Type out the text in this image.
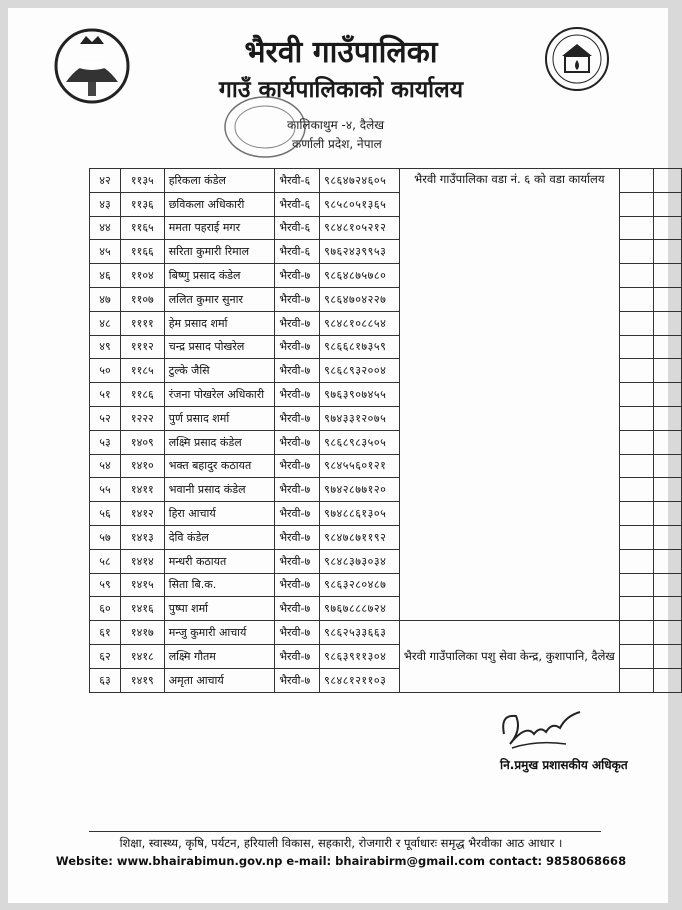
भैरवी गाउँपालिका
गाउँ कार्यपालिकाको कार्यालय
कालिकाथुम -४, दैलेख
कर्णाली प्रदेश, नेपाल
४२	११३५	हरिकला कंडेल	भैरवी-६	९८६४७२४६०५	भैरवी गाउँपालिका वडा नं. ६ को वडा कार्यालय		
४३	११३६	छविकला अधिकारी	भैरवी-६	९८५८०५१३६५			
४४	११६५	ममता पहराई मगर	भैरवी-६	९८४८१०५२१२			
४५	११६६	सरिता कुमारी रिमाल	भैरवी-६	९७६२४३९९५३			
४६	११०४	बिष्णु प्रसाद कंडेल	भैरवी-७	९८६४८७५७८०			
४७	११०७	ललित कुमार सुनार	भैरवी-७	९८६४७०४२२७			
४८	११११	हेम प्रसाद शर्मा	भैरवी-७	९८४८१०८८५४			
४९	१११२	चन्द्र प्रसाद पोखरेल	भैरवी-७	९८६६८१७३५९			
५०	११८५	टुल्के जैसि	भैरवी-७	९८६८९३२००४			
५१	११८६	रंजना पोखरेल अधिकारी	भैरवी-७	९७६३९०७४५५			
५२	१२२२	पुर्ण प्रसाद शर्मा	भैरवी-७	९७४३३१२०७५			
५३	१४०९	लक्ष्मि प्रसाद कंडेल	भैरवी-७	९८६८९८३५०५			
५४	१४१०	भक्त बहादुर कठायत	भैरवी-७	९८४५५६०१२१			
५५	१४११	भवानी प्रसाद कंडेल	भैरवी-७	९७४२८७७१२०			
५६	१४१२	हिरा आचार्य	भैरवी-७	९७४८८६१३०५			
५७	१४१३	देवि कंडेल	भैरवी-७	९८४७८७११९२			
५८	१४१४	मन्धरी कठायत	भैरवी-७	९८४८३७३०३४			
५९	१४१५	सिता बि.क.	भैरवी-७	९८६३२८०४८७			
६०	१४१६	पुष्पा शर्मा	भैरवी-७	९७६७८८८७२४			
६१	१४१७	मन्जु कुमारी आचार्य	भैरवी-७	९८६२५३३६६३	भैरवी गाउँपालिका पशु सेवा केन्द्र, कुशापानि, दैलेख		
६२	१४१८	लक्ष्मि गौतम	भैरवी-७	९८६३९११३०४			
६३	१४१९	अमृता आचार्य	भैरवी-७	९८४८१२११०३			
नि.प्रमुख प्रशासकीय अधिकृत
शिक्षा, स्वास्थ्य, कृषि, पर्यटन, हरियाली विकास, सहकारी, रोजगारी र पूर्वाधारः समृद्ध भैरवीका आठ आधार ।
Website: www.bhairabimun.gov.np e-mail: bhairabirm@gmail.com contact: 9858068668
